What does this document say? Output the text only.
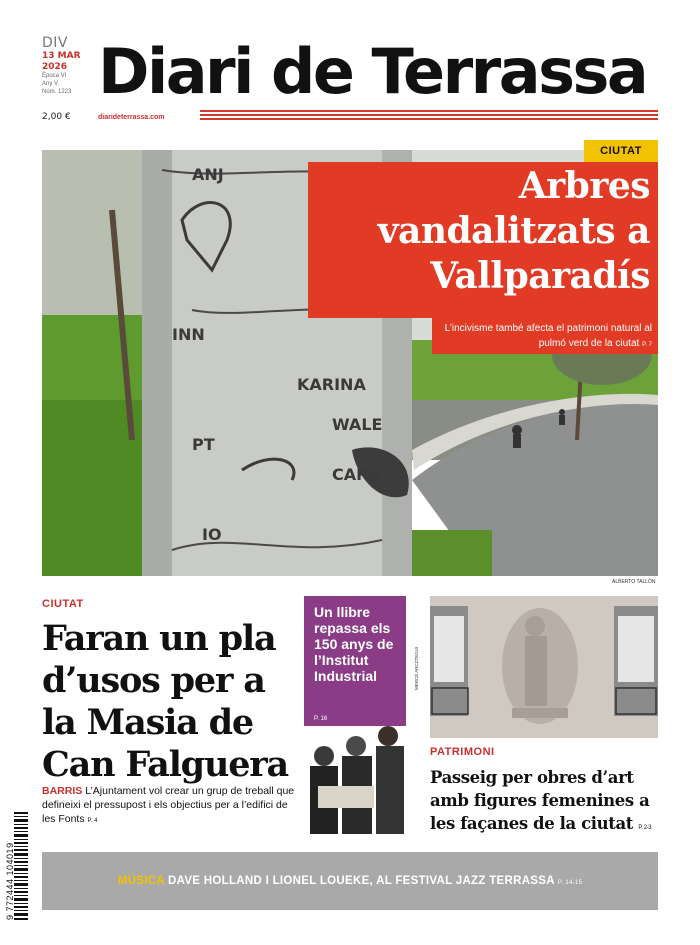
DIV
13 MAR
2026
Època VI
Any V
Núm. 1223
2,00 €
Diari de Terrassa
diarideterrassa.com
ANJ
INN
KARINA
WALE
PT
CARA
IO
ALBERTO TALLÓN
CIUTAT
Arbres vandalitzats a Vallparadís
L’incivisme també afecta el patrimoni natural al pulmó verd de la ciutat P. 7
CIUTAT
Faran un pla d’usos per a la Masia de Can Falguera
BARRIS L’Ajuntament vol crear un grup de treball que defineixi el pressupost i els objectius per a l’edifici de les Fonts P. 4
Un llibre repassa els 150 anys de l’Institut Industrial
P. 16
MERCÈ ARCZTEGUI
PATRIMONI
Passeig per obres d’art amb figures femenines a les façanes de la ciutat P. 2-3
9 772444 104019	MÚSICA DAVE HOLLAND I LIONEL LOUEKE, AL FESTIVAL JAZZ TERRASSA P. 14-15
